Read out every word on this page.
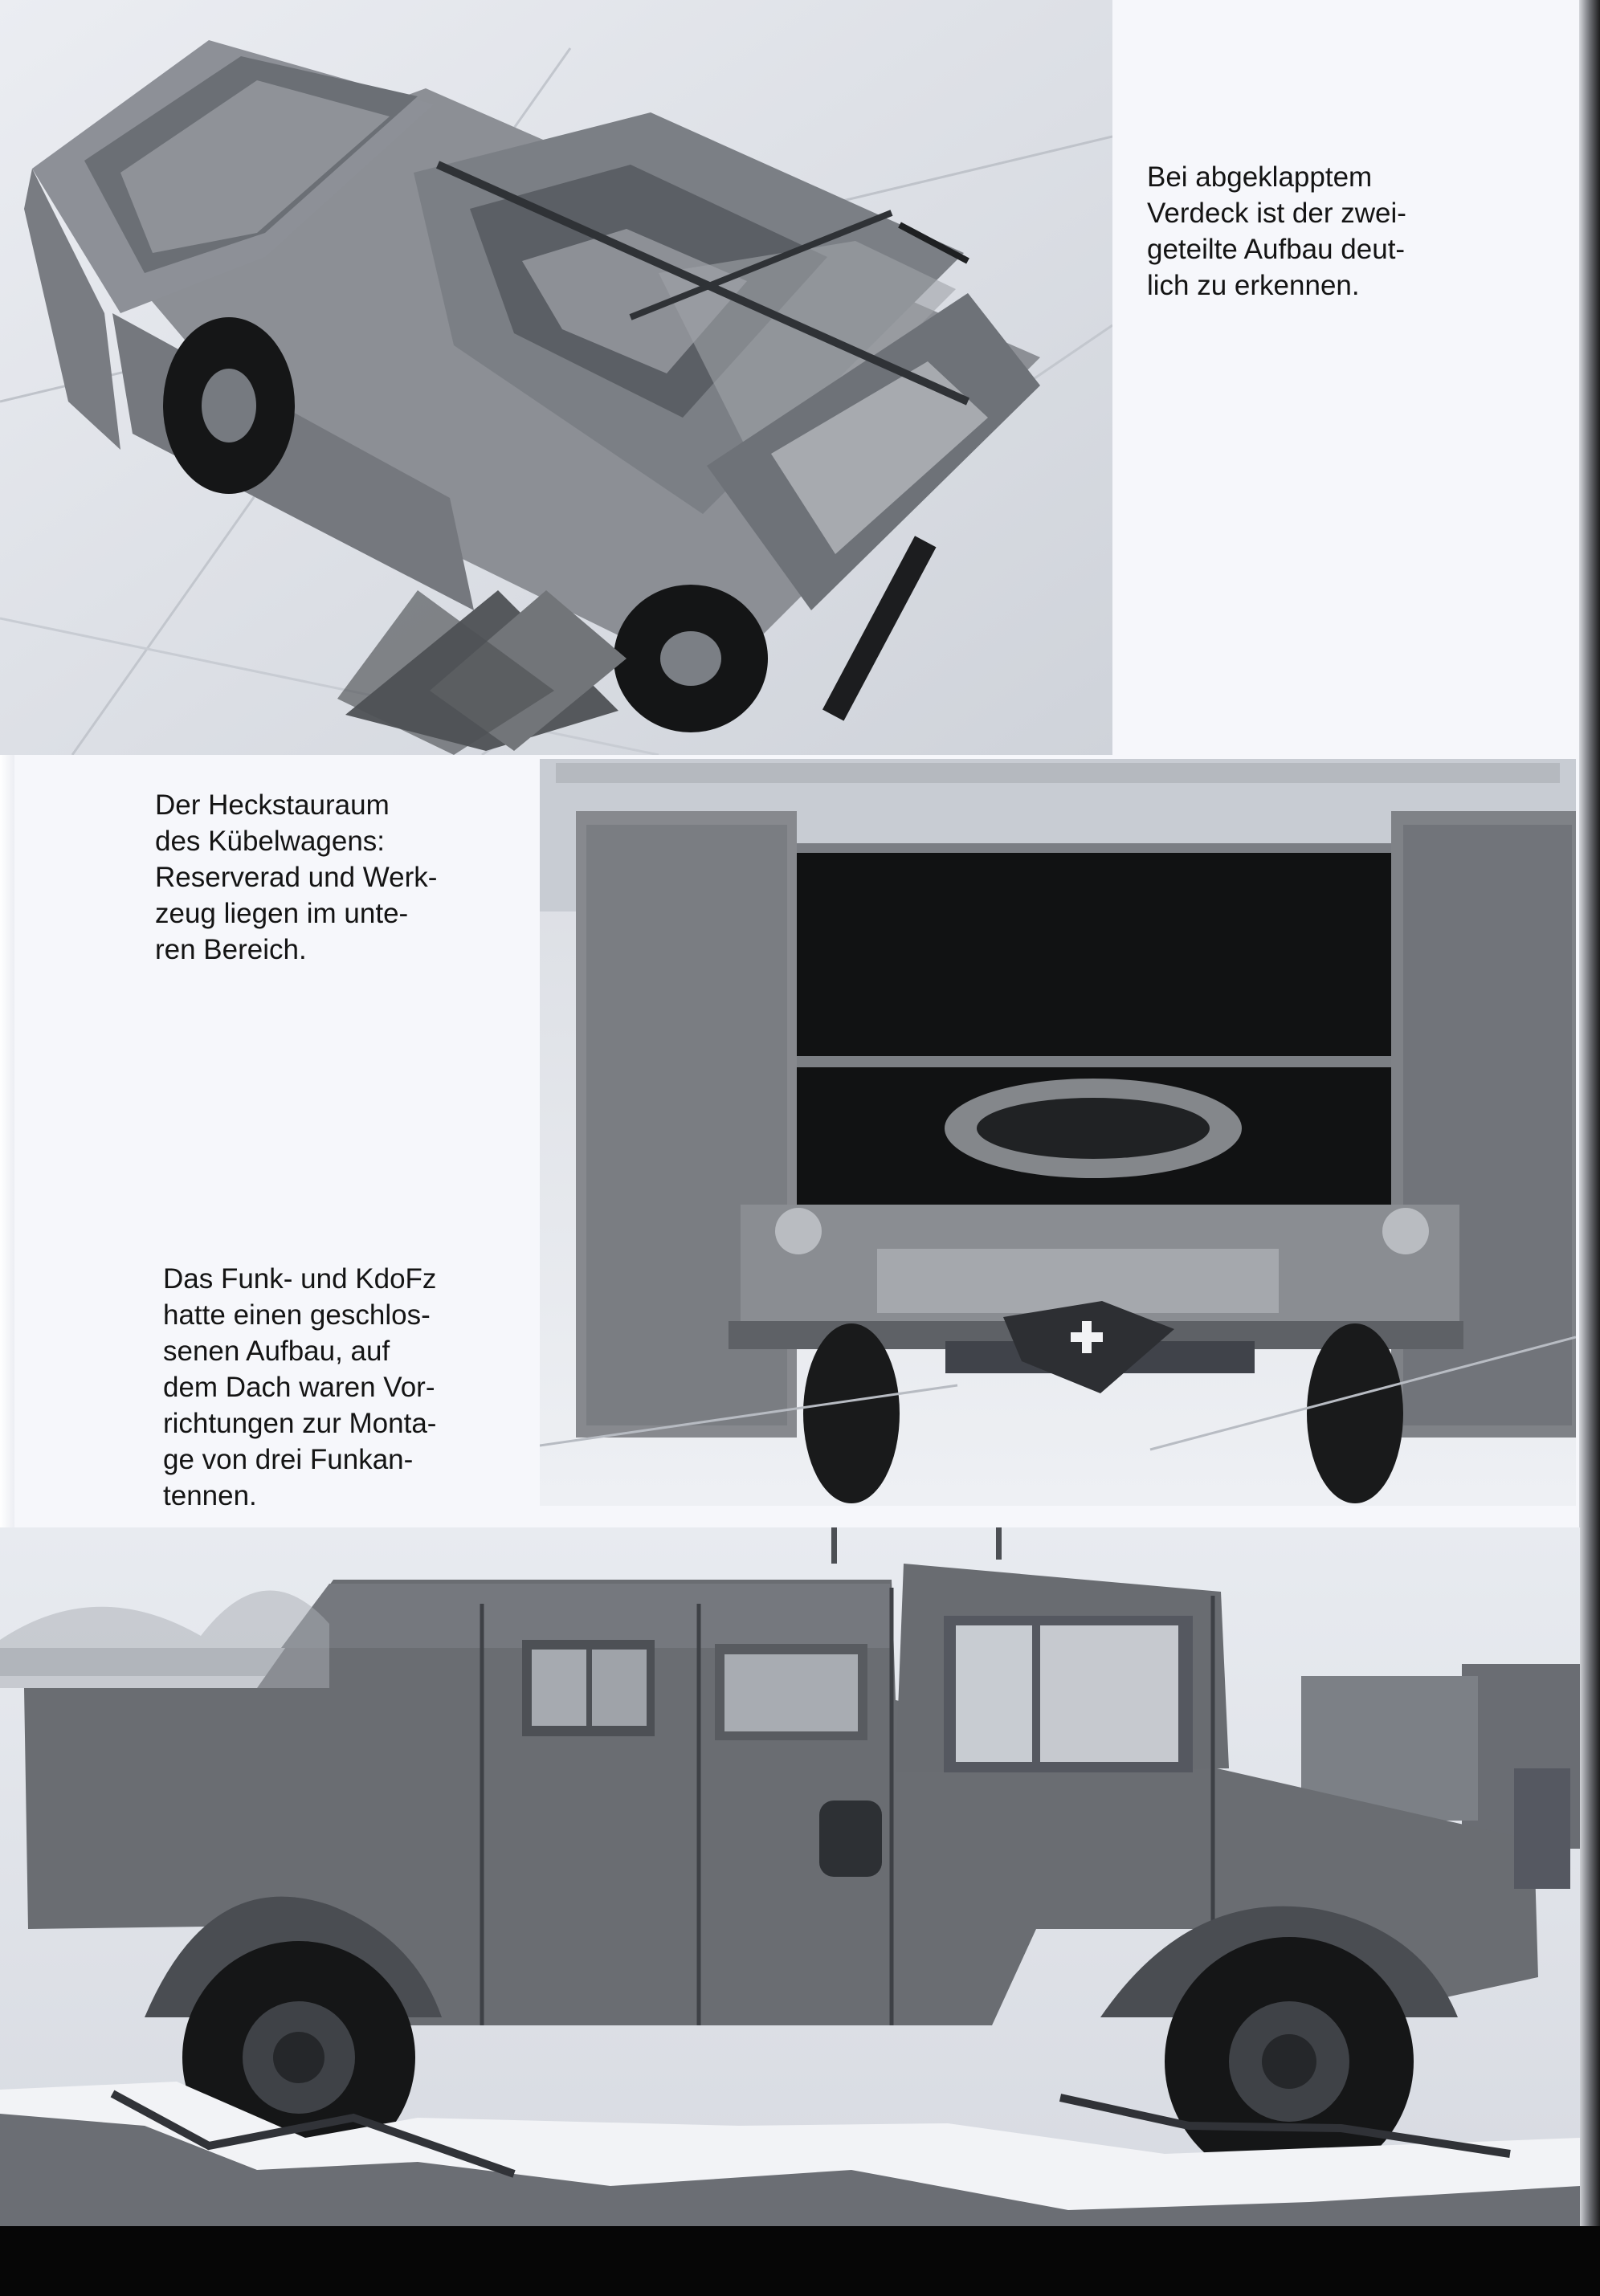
Bei abgeklapptem
Verdeck ist der zwei-
geteilte Aufbau deut-
lich zu erkennen.

Der Heckstauraum
des Kübelwagens:
Reserverad und Werk-
zeug liegen im unte-
ren Bereich.

Das Funk- und KdoFz
hatte einen geschlos-
senen Aufbau, auf
dem Dach waren Vor-
richtungen zur Monta-
ge von drei Funkan-
tennen.
